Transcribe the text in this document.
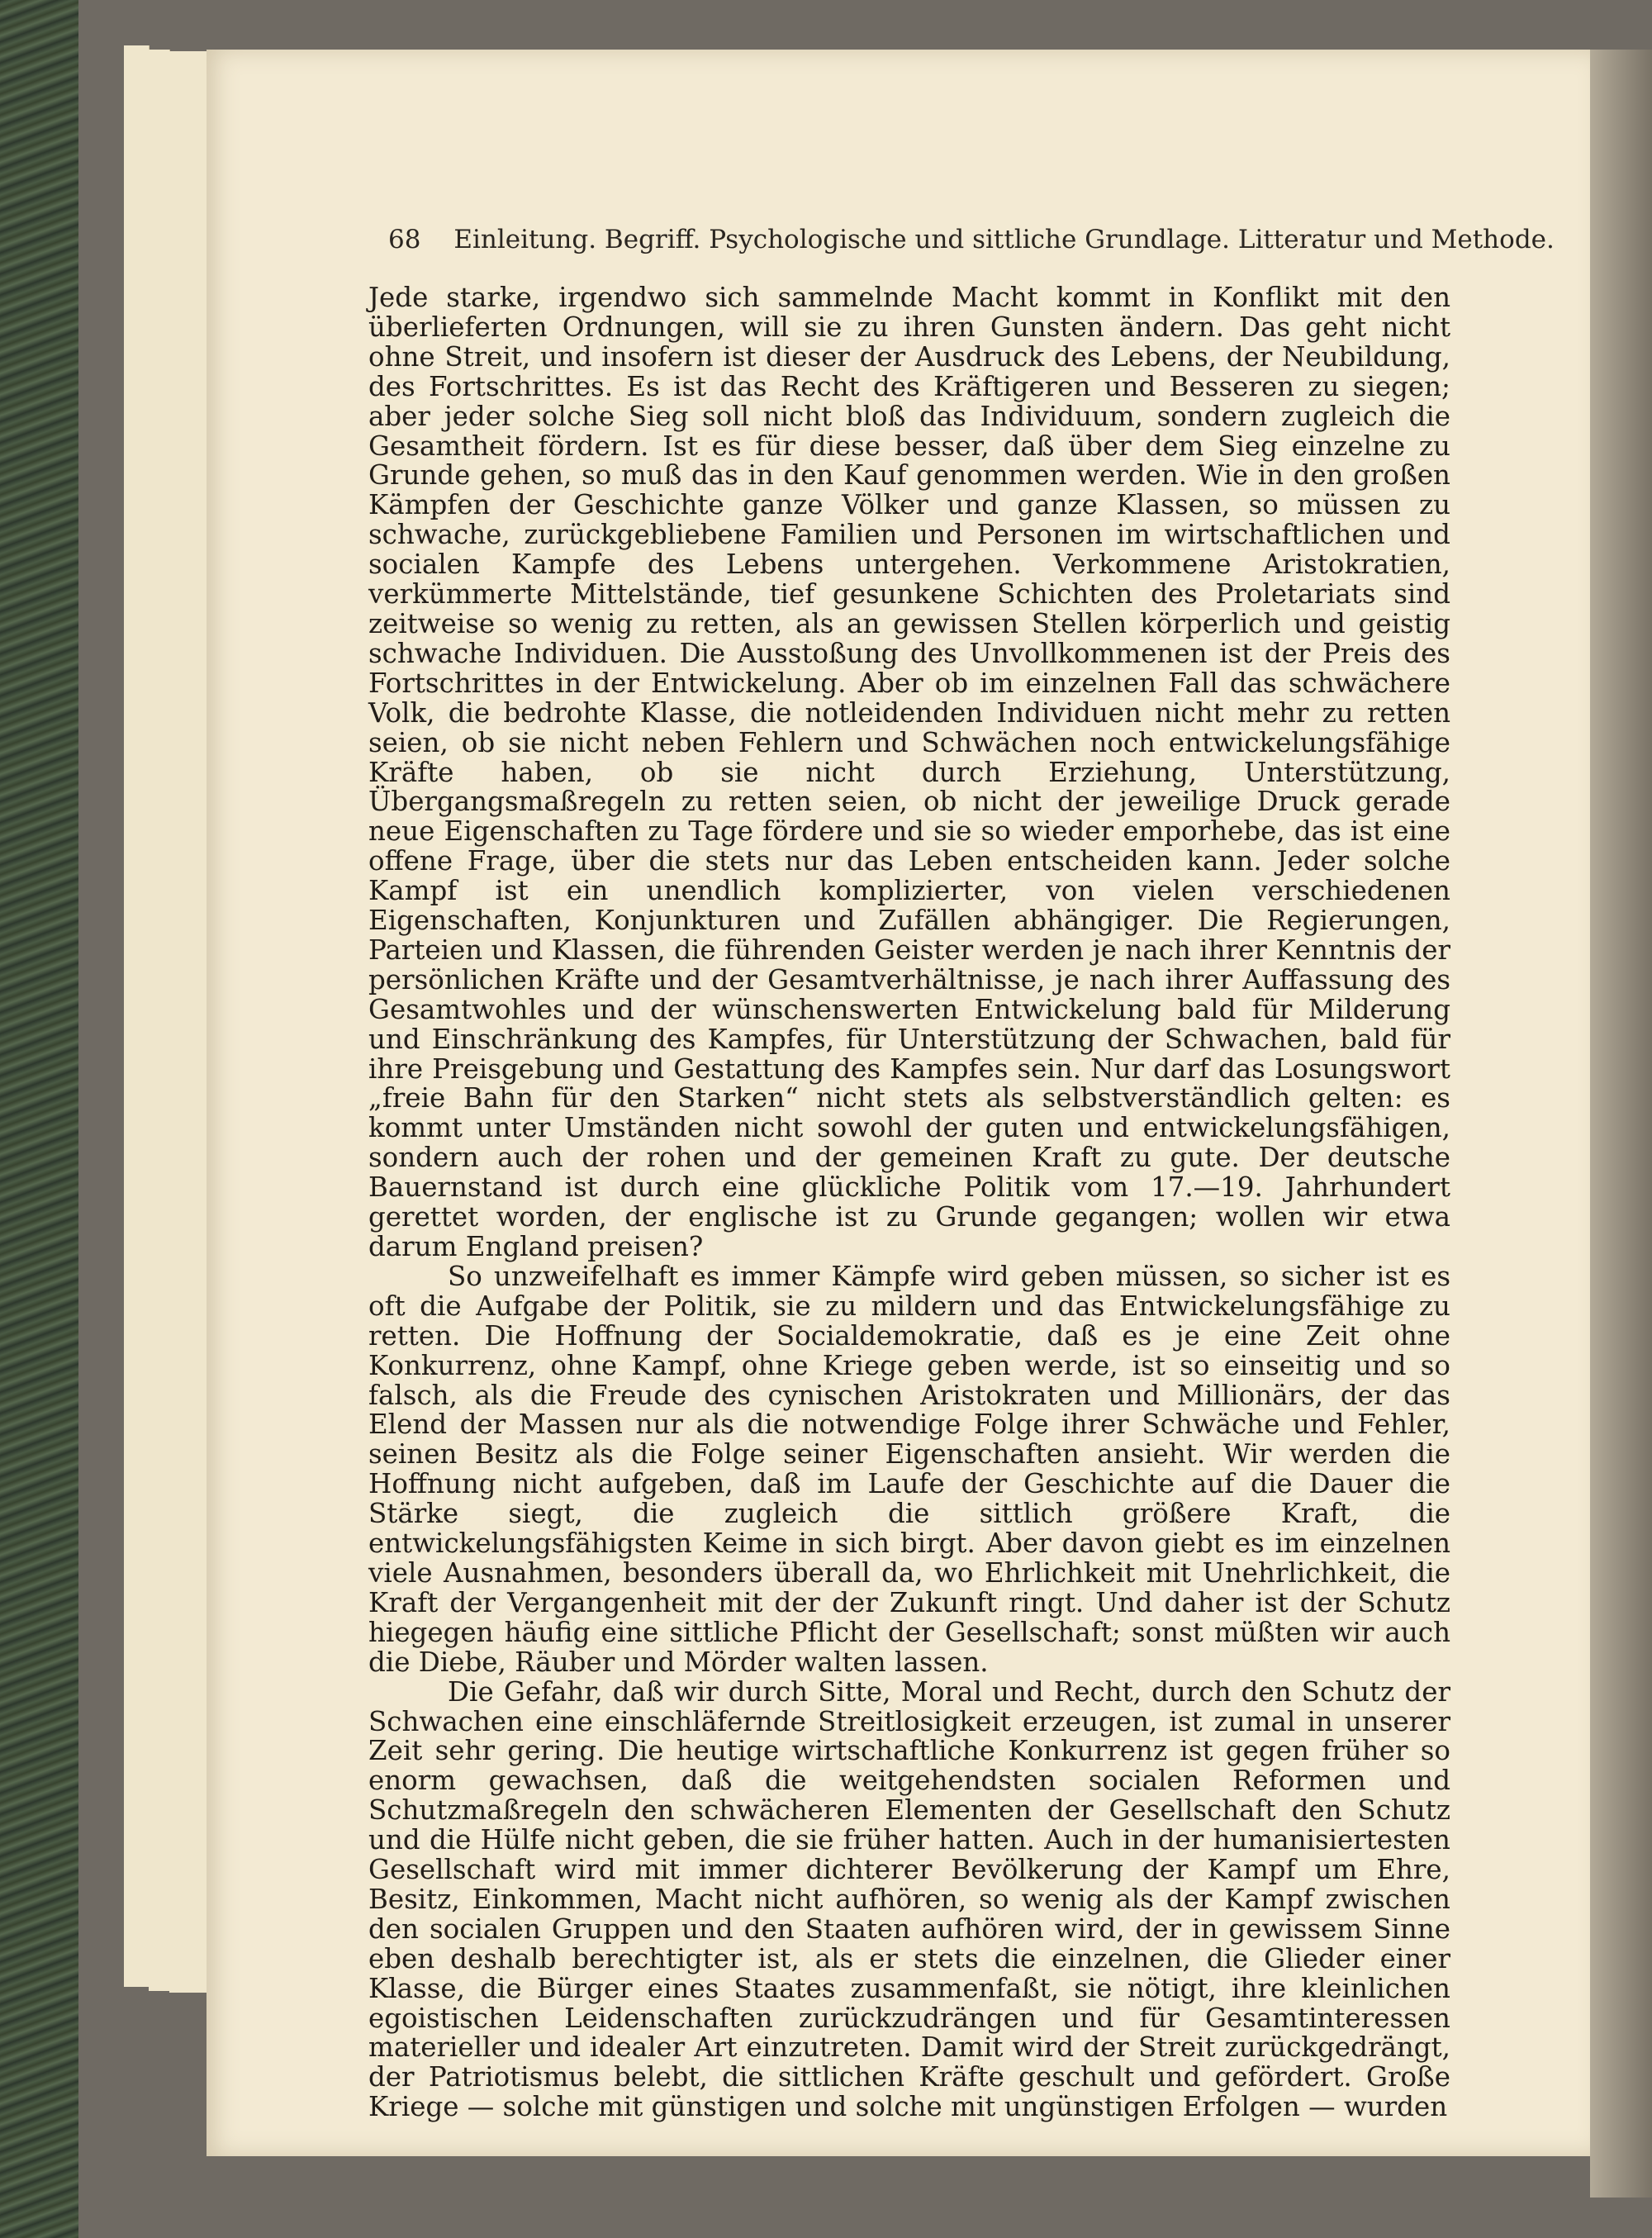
68 Einleitung. Begriff. Psychologische und sittliche Grundlage. Litteratur und Methode.

Jede starke, irgendwo sich sammelnde Macht kommt in Konflikt mit den überlieferten Ordnungen, will sie zu ihren Gunsten ändern. Das geht nicht ohne Streit, und insofern ist dieser der Ausdruck des Lebens, der Neubildung, des Fortschrittes. Es ist das Recht des Kräftigeren und Besseren zu siegen; aber jeder solche Sieg soll nicht bloß das Individuum, sondern zugleich die Gesamtheit fördern. Ist es für diese besser, daß über dem Sieg einzelne zu Grunde gehen, so muß das in den Kauf genommen werden. Wie in den großen Kämpfen der Geschichte ganze Völker und ganze Klassen, so müssen zu schwache, zurückgebliebene Familien und Personen im wirtschaftlichen und socialen Kampfe des Lebens untergehen. Verkommene Aristokratien, verkümmerte Mittelstände, tief gesunkene Schichten des Proletariats sind zeitweise so wenig zu retten, als an gewissen Stellen körperlich und geistig schwache Individuen. Die Ausstoßung des Unvollkommenen ist der Preis des Fortschrittes in der Entwickelung. Aber ob im einzelnen Fall das schwächere Volk, die bedrohte Klasse, die notleidenden Individuen nicht mehr zu retten seien, ob sie nicht neben Fehlern und Schwächen noch entwickelungsfähige Kräfte haben, ob sie nicht durch Erziehung, Unterstützung, Übergangsmaßregeln zu retten seien, ob nicht der jeweilige Druck gerade neue Eigenschaften zu Tage fördere und sie so wieder emporhebe, das ist eine offene Frage, über die stets nur das Leben entscheiden kann. Jeder solche Kampf ist ein unendlich komplizierter, von vielen verschiedenen Eigenschaften, Konjunkturen und Zufällen abhängiger. Die Regierungen, Parteien und Klassen, die führenden Geister werden je nach ihrer Kenntnis der persönlichen Kräfte und der Gesamtverhältnisse, je nach ihrer Auffassung des Gesamtwohles und der wünschenswerten Entwickelung bald für Milderung und Einschränkung des Kampfes, für Unterstützung der Schwachen, bald für ihre Preisgebung und Gestattung des Kampfes sein. Nur darf das Losungswort „freie Bahn für den Starken“ nicht stets als selbstverständlich gelten: es kommt unter Umständen nicht sowohl der guten und entwickelungsfähigen, sondern auch der rohen und der gemeinen Kraft zu gute. Der deutsche Bauernstand ist durch eine glückliche Politik vom 17.—19. Jahrhundert gerettet worden, der englische ist zu Grunde gegangen; wollen wir etwa darum England preisen?

So unzweifelhaft es immer Kämpfe wird geben müssen, so sicher ist es oft die Aufgabe der Politik, sie zu mildern und das Entwickelungsfähige zu retten. Die Hoffnung der Socialdemokratie, daß es je eine Zeit ohne Konkurrenz, ohne Kampf, ohne Kriege geben werde, ist so einseitig und so falsch, als die Freude des cynischen Aristokraten und Millionärs, der das Elend der Massen nur als die notwendige Folge ihrer Schwäche und Fehler, seinen Besitz als die Folge seiner Eigenschaften ansieht. Wir werden die Hoffnung nicht aufgeben, daß im Laufe der Geschichte auf die Dauer die Stärke siegt, die zugleich die sittlich größere Kraft, die entwickelungsfähigsten Keime in sich birgt. Aber davon giebt es im einzelnen viele Ausnahmen, besonders überall da, wo Ehrlichkeit mit Unehrlichkeit, die Kraft der Vergangenheit mit der der Zukunft ringt. Und daher ist der Schutz hiegegen häufig eine sittliche Pflicht der Gesellschaft; sonst müßten wir auch die Diebe, Räuber und Mörder walten lassen.

Die Gefahr, daß wir durch Sitte, Moral und Recht, durch den Schutz der Schwachen eine einschläfernde Streitlosigkeit erzeugen, ist zumal in unserer Zeit sehr gering. Die heutige wirtschaftliche Konkurrenz ist gegen früher so enorm gewachsen, daß die weitgehendsten socialen Reformen und Schutzmaßregeln den schwächeren Elementen der Gesellschaft den Schutz und die Hülfe nicht geben, die sie früher hatten. Auch in der humanisiertesten Gesellschaft wird mit immer dichterer Bevölkerung der Kampf um Ehre, Besitz, Einkommen, Macht nicht aufhören, so wenig als der Kampf zwischen den socialen Gruppen und den Staaten aufhören wird, der in gewissem Sinne eben deshalb berechtigter ist, als er stets die einzelnen, die Glieder einer Klasse, die Bürger eines Staates zusammenfaßt, sie nötigt, ihre kleinlichen egoistischen Leidenschaften zurückzudrängen und für Gesamtinteressen materieller und idealer Art einzutreten. Damit wird der Streit zurückgedrängt, der Patriotismus belebt, die sittlichen Kräfte geschult und gefördert. Große Kriege — solche mit günstigen und solche mit ungünstigen Erfolgen — wurden
